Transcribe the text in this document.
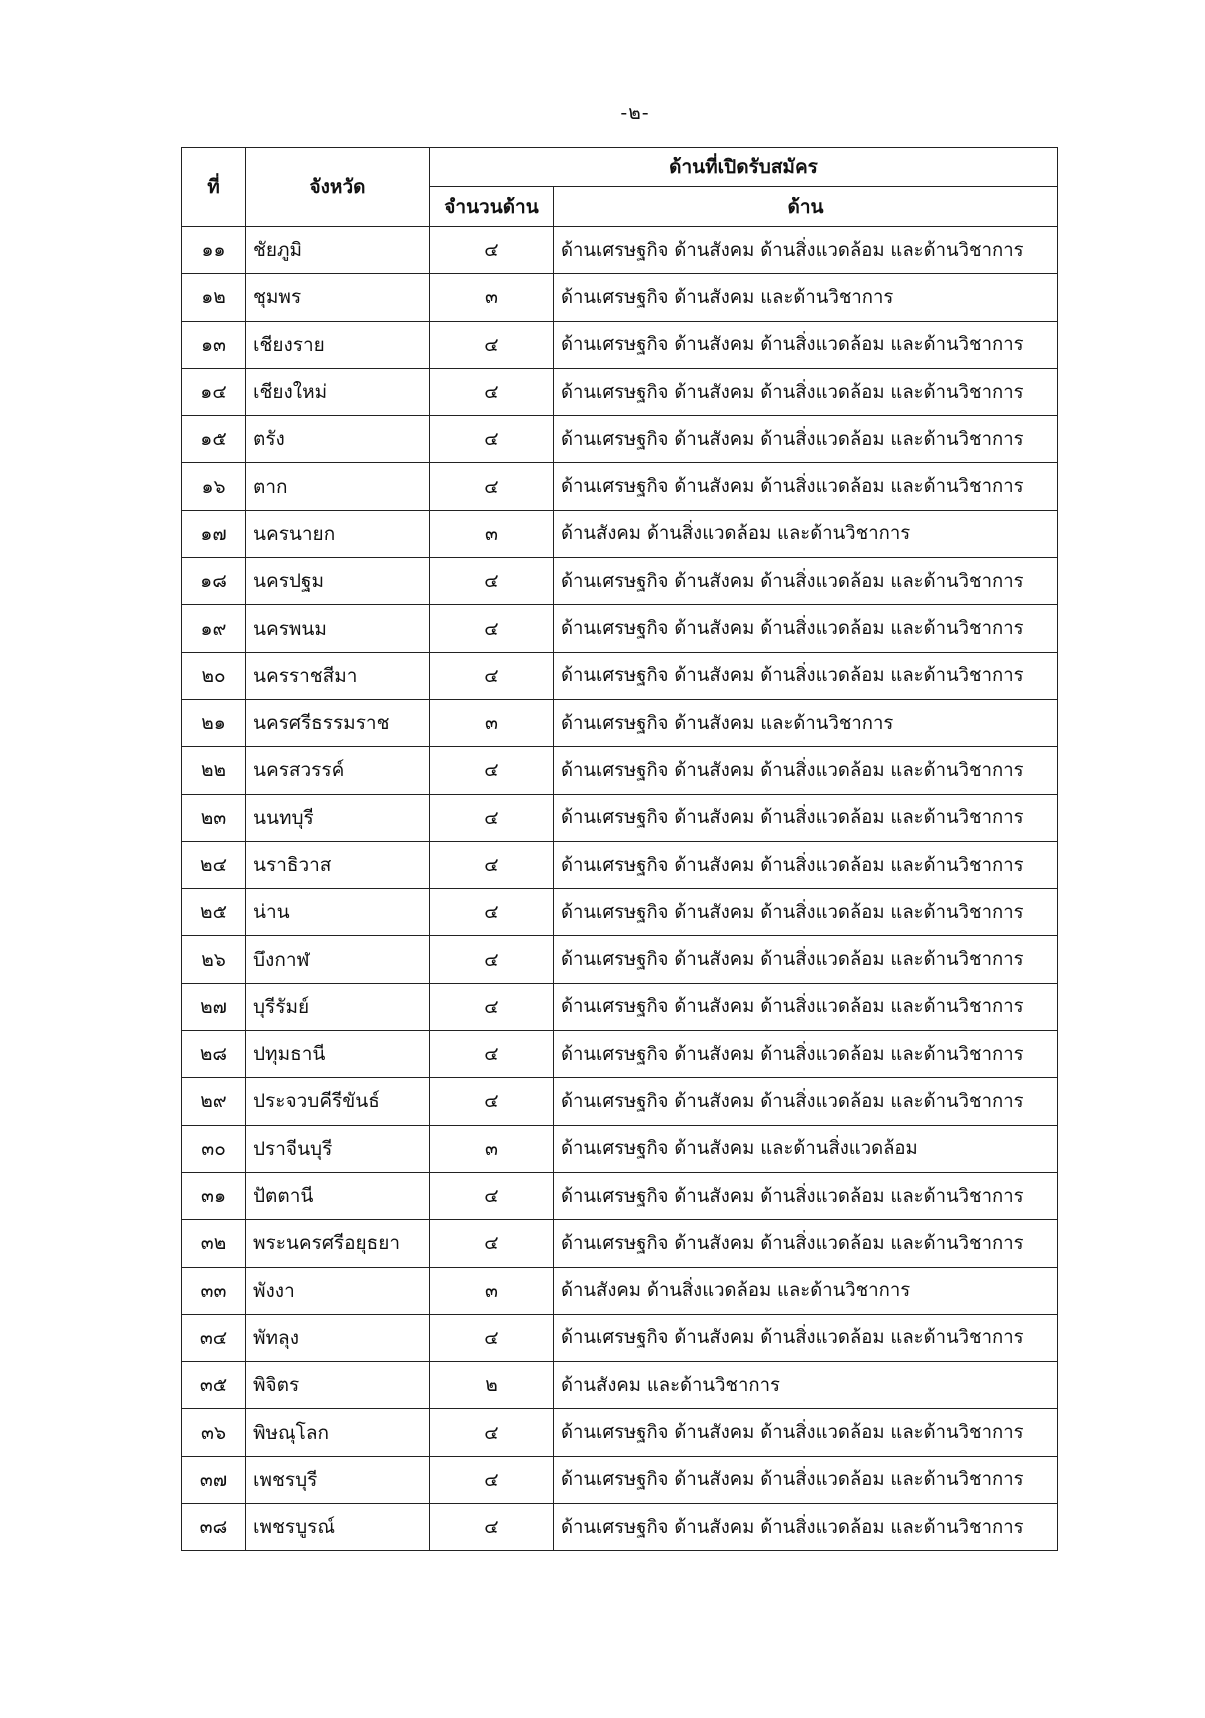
-๒-
ที่	จังหวัด	ด้านที่เปิดรับสมัคร	
		จำนวนด้าน	ด้าน
๑๑	ชัยภูมิ	๔	ด้านเศรษฐกิจ ด้านสังคม ด้านสิ่งแวดล้อม และด้านวิชาการ
๑๒	ชุมพร	๓	ด้านเศรษฐกิจ ด้านสังคม และด้านวิชาการ
๑๓	เชียงราย	๔	ด้านเศรษฐกิจ ด้านสังคม ด้านสิ่งแวดล้อม และด้านวิชาการ
๑๔	เชียงใหม่	๔	ด้านเศรษฐกิจ ด้านสังคม ด้านสิ่งแวดล้อม และด้านวิชาการ
๑๕	ตรัง	๔	ด้านเศรษฐกิจ ด้านสังคม ด้านสิ่งแวดล้อม และด้านวิชาการ
๑๖	ตาก	๔	ด้านเศรษฐกิจ ด้านสังคม ด้านสิ่งแวดล้อม และด้านวิชาการ
๑๗	นครนายก	๓	ด้านสังคม ด้านสิ่งแวดล้อม และด้านวิชาการ
๑๘	นครปฐม	๔	ด้านเศรษฐกิจ ด้านสังคม ด้านสิ่งแวดล้อม และด้านวิชาการ
๑๙	นครพนม	๔	ด้านเศรษฐกิจ ด้านสังคม ด้านสิ่งแวดล้อม และด้านวิชาการ
๒๐	นครราชสีมา	๔	ด้านเศรษฐกิจ ด้านสังคม ด้านสิ่งแวดล้อม และด้านวิชาการ
๒๑	นครศรีธรรมราช	๓	ด้านเศรษฐกิจ ด้านสังคม และด้านวิชาการ
๒๒	นครสวรรค์	๔	ด้านเศรษฐกิจ ด้านสังคม ด้านสิ่งแวดล้อม และด้านวิชาการ
๒๓	นนทบุรี	๔	ด้านเศรษฐกิจ ด้านสังคม ด้านสิ่งแวดล้อม และด้านวิชาการ
๒๔	นราธิวาส	๔	ด้านเศรษฐกิจ ด้านสังคม ด้านสิ่งแวดล้อม และด้านวิชาการ
๒๕	น่าน	๔	ด้านเศรษฐกิจ ด้านสังคม ด้านสิ่งแวดล้อม และด้านวิชาการ
๒๖	บึงกาฬ	๔	ด้านเศรษฐกิจ ด้านสังคม ด้านสิ่งแวดล้อม และด้านวิชาการ
๒๗	บุรีรัมย์	๔	ด้านเศรษฐกิจ ด้านสังคม ด้านสิ่งแวดล้อม และด้านวิชาการ
๒๘	ปทุมธานี	๔	ด้านเศรษฐกิจ ด้านสังคม ด้านสิ่งแวดล้อม และด้านวิชาการ
๒๙	ประจวบคีรีขันธ์	๔	ด้านเศรษฐกิจ ด้านสังคม ด้านสิ่งแวดล้อม และด้านวิชาการ
๓๐	ปราจีนบุรี	๓	ด้านเศรษฐกิจ ด้านสังคม และด้านสิ่งแวดล้อม
๓๑	ปัตตานี	๔	ด้านเศรษฐกิจ ด้านสังคม ด้านสิ่งแวดล้อม และด้านวิชาการ
๓๒	พระนครศรีอยุธยา	๔	ด้านเศรษฐกิจ ด้านสังคม ด้านสิ่งแวดล้อม และด้านวิชาการ
๓๓	พังงา	๓	ด้านสังคม ด้านสิ่งแวดล้อม และด้านวิชาการ
๓๔	พัทลุง	๔	ด้านเศรษฐกิจ ด้านสังคม ด้านสิ่งแวดล้อม และด้านวิชาการ
๓๕	พิจิตร	๒	ด้านสังคม และด้านวิชาการ
๓๖	พิษณุโลก	๔	ด้านเศรษฐกิจ ด้านสังคม ด้านสิ่งแวดล้อม และด้านวิชาการ
๓๗	เพชรบุรี	๔	ด้านเศรษฐกิจ ด้านสังคม ด้านสิ่งแวดล้อม และด้านวิชาการ
๓๘	เพชรบูรณ์	๔	ด้านเศรษฐกิจ ด้านสังคม ด้านสิ่งแวดล้อม และด้านวิชาการ
